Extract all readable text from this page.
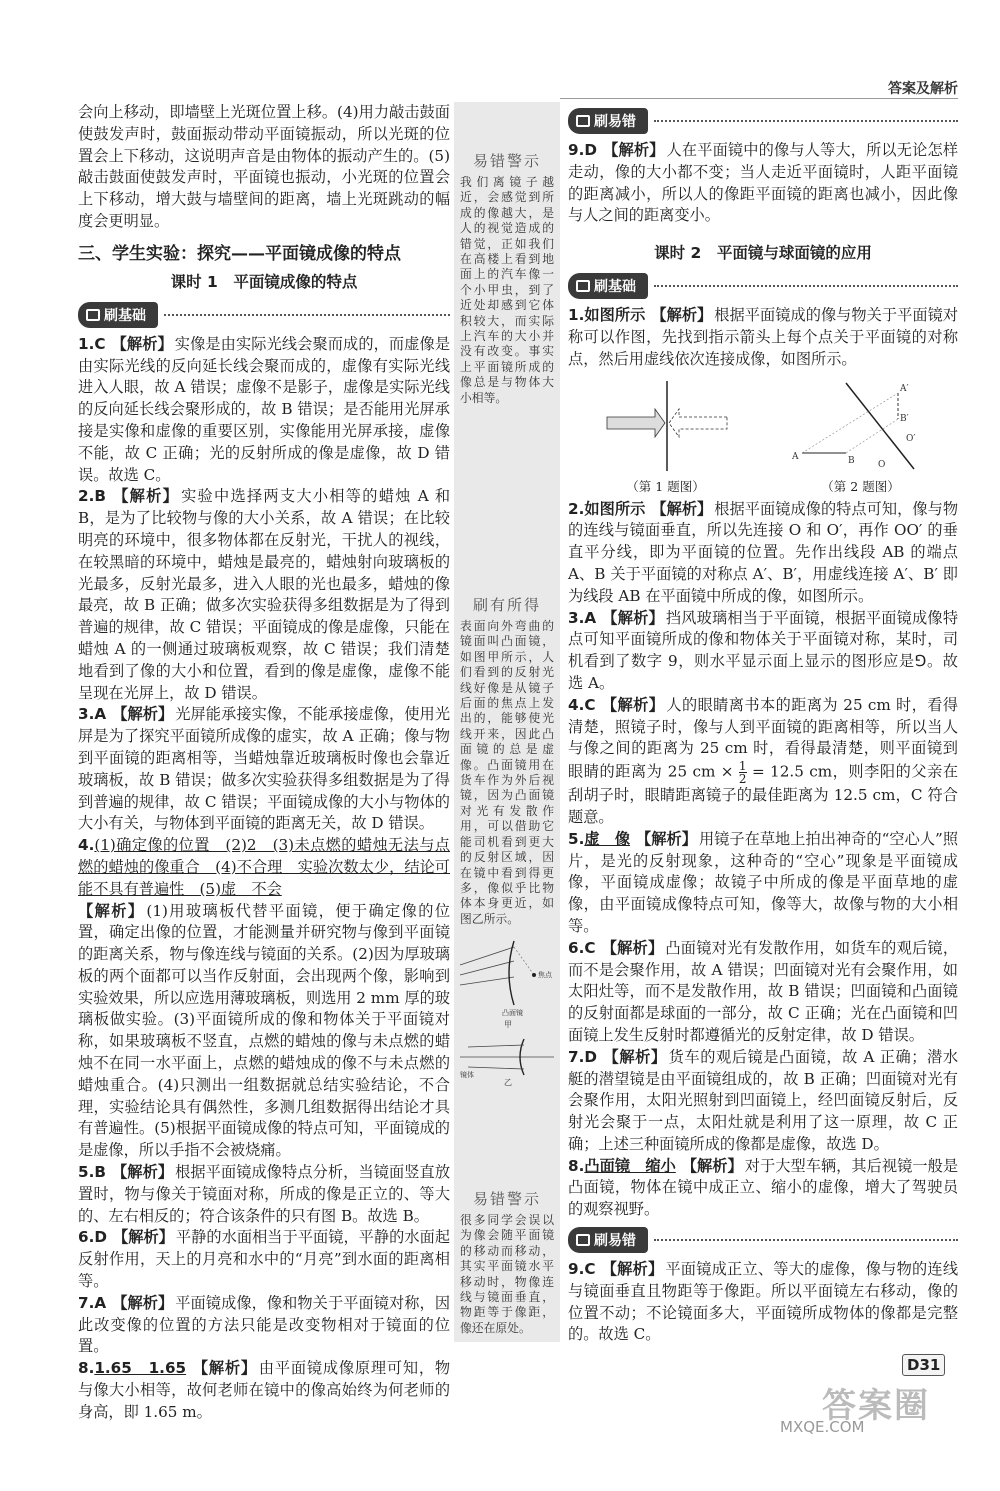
答案及解析

会向上移动，即墙壁上光斑位置上移。(4)用力敲击鼓面使鼓发声时，鼓面振动带动平面镜振动，所以光斑的位置会上下移动，这说明声音是由物体的振动产生的。(5)敲击鼓面使鼓发声时，平面镜也振动，小光斑的位置会上下移动，增大鼓与墙壁间的距离，墙上光斑跳动的幅度会更明显。

三、学生实验：探究——平面镜成像的特点
课时 1　平面镜成像的特点
刷基础
1.C 【解析】 实像是由实际光线会聚而成的，而虚像是由实际光线的反向延长线会聚而成的，虚像有实际光线进入人眼，故 A 错误；虚像不是影子，虚像是实际光线的反向延长线会聚形成的，故 B 错误；是否能用光屏承接是实像和虚像的重要区别，实像能用光屏承接，虚像不能，故 C 正确；光的反射所成的像是虚像，故 D 错误。故选 C。
2.B 【解析】 实验中选择两支大小相等的蜡烛 A 和 B，是为了比较物与像的大小关系，故 A 错误；在比较明亮的环境中，很多物体都在反射光，干扰人的视线，在较黑暗的环境中，蜡烛是最亮的，蜡烛射向玻璃板的光最多，反射光最多，进入人眼的光也最多，蜡烛的像最亮，故 B 正确；做多次实验获得多组数据是为了得到普遍的规律，故 C 错误；平面镜成的像是虚像，只能在蜡烛 A 的一侧通过玻璃板观察，故 C 错误；我们清楚地看到了像的大小和位置，看到的像是虚像，虚像不能呈现在光屏上，故 D 错误。
3.A 【解析】 光屏能承接实像，不能承接虚像，使用光屏是为了探究平面镜所成像的虚实，故 A 正确；像与物到平面镜的距离相等，当蜡烛靠近玻璃板时像也会靠近玻璃板，故 B 错误；做多次实验获得多组数据是为了得到普遍的规律，故 C 错误；平面镜成像的大小与物体的大小有关，与物体到平面镜的距离无关，故 D 错误。
4.(1)确定像的位置　(2)2　(3)未点燃的蜡烛无法与点燃的蜡烛的像重合　(4)不合理　实验次数太少，结论可能不具有普遍性　(5)虚　不会
【解析】 (1)用玻璃板代替平面镜，便于确定像的位置，确定出像的位置，才能测量并研究物与像到平面镜的距离关系，物与像连线与镜面的关系。(2)因为厚玻璃板的两个面都可以当作反射面，会出现两个像，影响到实验效果，所以应选用薄玻璃板，则选用 2 mm 厚的玻璃板做实验。(3)平面镜所成的像和物体关于平面镜对称，如果玻璃板不竖直，点燃的蜡烛的像与未点燃的蜡烛不在同一水平面上，点燃的蜡烛成的像不与未点燃的蜡烛重合。(4)只测出一组数据就总结实验结论，不合理，实验结论具有偶然性，多测几组数据得出结论才具有普遍性。(5)根据平面镜成像的特点可知，平面镜成的是虚像，所以手指不会被烧痛。
5.B 【解析】 根据平面镜成像特点分析，当镜面竖直放置时，物与像关于镜面对称，所成的像是正立的、等大的、左右相反的；符合该条件的只有图 B。故选 B。
6.D 【解析】 平静的水面相当于平面镜，平静的水面起反射作用，天上的月亮和水中的“月亮”到水面的距离相等。
7.A 【解析】 平面镜成像，像和物关于平面镜对称，因此改变像的位置的方法只能是改变物相对于镜面的位置。
8.1.65　1.65 【解析】 由平面镜成像原理可知，物与像大小相等，故何老师在镜中的像高始终为何老师的身高，即 1.65 m。
易错警示
我们离镜子越近，会感觉到所成的像越大，是人的视觉造成的错觉，正如我们在高楼上看到地面上的汽车像一个小甲虫，到了近处却感到它体积较大，而实际上汽车的大小并没有改变。事实上平面镜所成的像总是与物体大小相等。
刷有所得
表面向外弯曲的镜面叫凸面镜，如图甲所示，人们看到的反射光线好像是从镜子后面的焦点上发出的，能够使光线开来，因此凸面镜的总是虚像。凸面镜用在货车作为外后视镜，因为凸面镜对光有发散作用，可以借助它能司机看到更大的反射区域，因在镜中看到得更多，像似乎比物体本身更近，如图乙所示。
焦点
凸面镜
甲
镜体
乙
易错警示
很多同学会误以为像会随平面镜的移动而移动，其实平面镜水平移动时，物像连线与镜面垂直，物距等于像距，像还在原处。
刷易错
9.D 【解析】 人在平面镜中的像与人等大，所以无论怎样走动，像的大小都不变；当人走近平面镜时，人距平面镜的距离减小，所以人的像距平面镜的距离也减小，因此像与人之间的距离变小。
课时 2　平面镜与球面镜的应用
刷基础
1.如图所示 【解析】 根据平面镜成的像与物关于平面镜对称可以作图，先找到指示箭头上每个点关于平面镜的对称点，然后用虚线依次连接成像，如图所示。
（第 1 题图）
A	B
A′
B′
O
O′
（第 2 题图）
2.如图所示 【解析】 根据平面镜成像的特点可知，像与物的连线与镜面垂直，所以先连接 O 和 O′，再作 OO′ 的垂直平分线，即为平面镜的位置。先作出线段 AB 的端点 A、B 关于平面镜的对称点 A′、B′，用虚线连接 A′、B′ 即为线段 AB 在平面镜中所成的像，如图所示。
3.A 【解析】 挡风玻璃相当于平面镜，根据平面镜成像特点可知平面镜所成的像和物体关于平面镜对称，某时，司机看到了数字 9，则水平显示面上显示的图形应是⅁。故选 A。
4.C 【解析】 人的眼睛离书本的距离为 25 cm 时，看得清楚，照镜子时，像与人到平面镜的距离相等，所以当人与像之间的距离为 25 cm 时，看得最清楚，则平面镜到眼睛的距离为 25 cm × $\frac{1}{2} = 12.5$ cm，则李阳的父亲在刮胡子时，眼睛距离镜子的最佳距离为 12.5 cm，C 符合题意。
5.虚　像 【解析】 用镜子在草地上拍出神奇的“空心人”照片，是光的反射现象，这种奇的“空心”现象是平面镜成像，平面镜成虚像；故镜子中所成的像是平面草地的虚像，由平面镜成像特点可知，像等大，故像与物的大小相等。
6.C 【解析】 凸面镜对光有发散作用，如货车的观后镜，而不是会聚作用，故 A 错误；凹面镜对光有会聚作用，如太阳灶等，而不是发散作用，故 B 错误；凹面镜和凸面镜的反射面都是球面的一部分，故 C 正确；光在凸面镜和凹面镜上发生反射时都遵循光的反射定律，故 D 错误。
7.D 【解析】 货车的观后镜是凸面镜，故 A 正确；潜水艇的潜望镜是由平面镜组成的，故 B 正确；凹面镜对光有会聚作用，太阳光照射到凹面镜上，经凹面镜反射后，反射光会聚于一点，太阳灶就是利用了这一原理，故 C 正确；上述三种面镜所成的像都是虚像，故选 D。
8.凸面镜　缩小 【解析】 对于大型车辆，其后视镜一般是凸面镜，物体在镜中成正立、缩小的虚像，增大了驾驶员的观察视野。
刷易错
9.C 【解析】 平面镜成正立、等大的虚像，像与物的连线与镜面垂直且物距等于像距。所以平面镜左右移动，像的位置不动；不论镜面多大，平面镜所成物体的像都是完整的。故选 C。
D31
答案圈
MXQE.COM
